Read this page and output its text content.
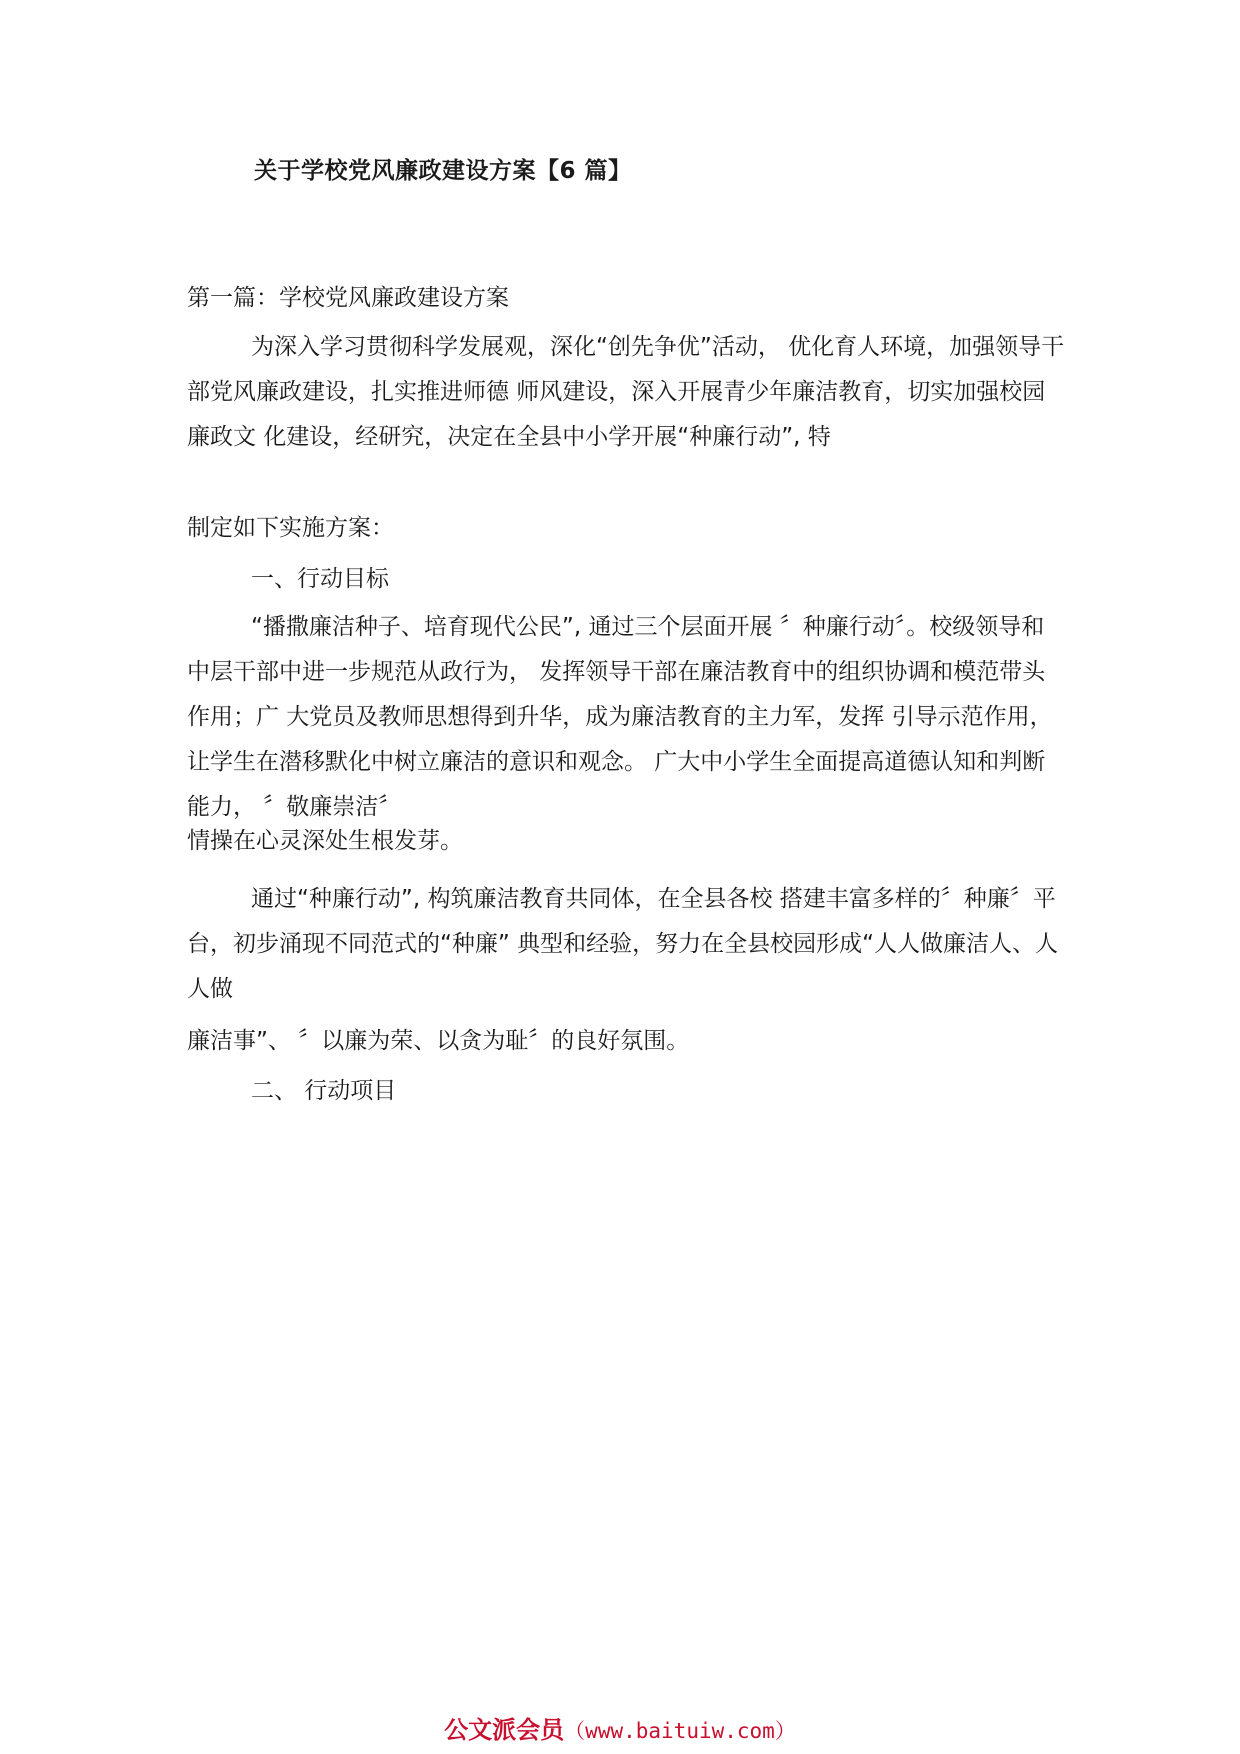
关于学校党风廉政建设方案【6 篇】
第一篇：学校党风廉政建设方案
为深入学习贯彻科学发展观，深化“创先争优”活动， 优化育人环境，加强领导干部党风廉政建设，扎实推进师德 师风建设，深入开展青少年廉洁教育，切实加强校园廉政文 化建设，经研究，决定在全县中小学开展“种廉行动”, 特
制定如下实施方案：
一、行动目标
“播撒廉洁种子、培育现代公民”, 通过三个层面开展 〞种廉行动〞。校级领导和中层干部中进一步规范从政行为， 发挥领导干部在廉洁教育中的组织协调和模范带头作用；广 大党员及教师思想得到升华，成为廉洁教育的主力军，发挥 引导示范作用，让学生在潜移默化中树立廉洁的意识和观念。 广大中小学生全面提高道德认知和判断能力， 〞敬廉崇洁〞
情操在心灵深处生根发芽。
通过“种廉行动”, 构筑廉洁教育共同体，在全县各校 搭建丰富多样的〞种廉〞平台，初步涌现不同范式的“种廉” 典型和经验，努力在全县校园形成“人人做廉洁人、人人做
廉洁事”、 〞以廉为荣、以贪为耻〞的良好氛围。
二、 行动项目
公文派会员（www.baituiw.com）
